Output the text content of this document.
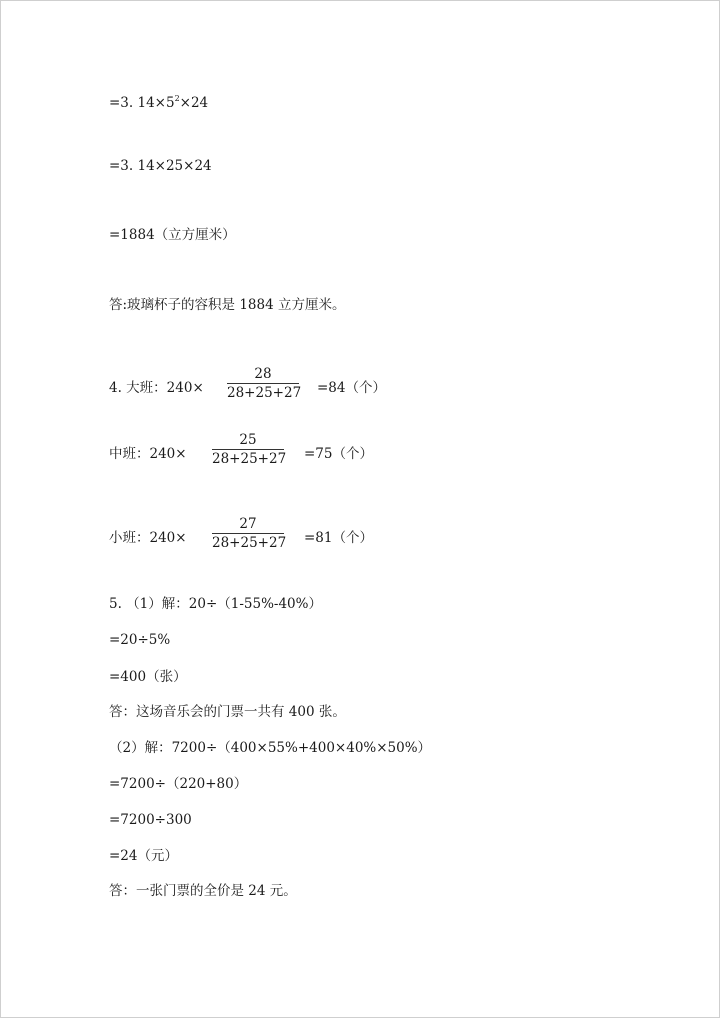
=3. $14\times 5^2\times 24$
=3. 14×25×24
=1884（立方厘米）
答:玻璃杯子的容积是 1884 立方厘米。
4. 大班：240×
28
28+25+27 =84（个）
中班：240×
25
28+25+27 =75（个）
小班：240×
27
28+25+27 =81（个）
5. （1）解：20÷（1-55%-40%）
=20÷5%
=400（张）
答：这场音乐会的门票一共有 400 张。
（2）解：7200÷（400×55%+400×40%×50%）
=7200÷（220+80）
=7200÷300
=24（元）
答：一张门票的全价是 24 元。
